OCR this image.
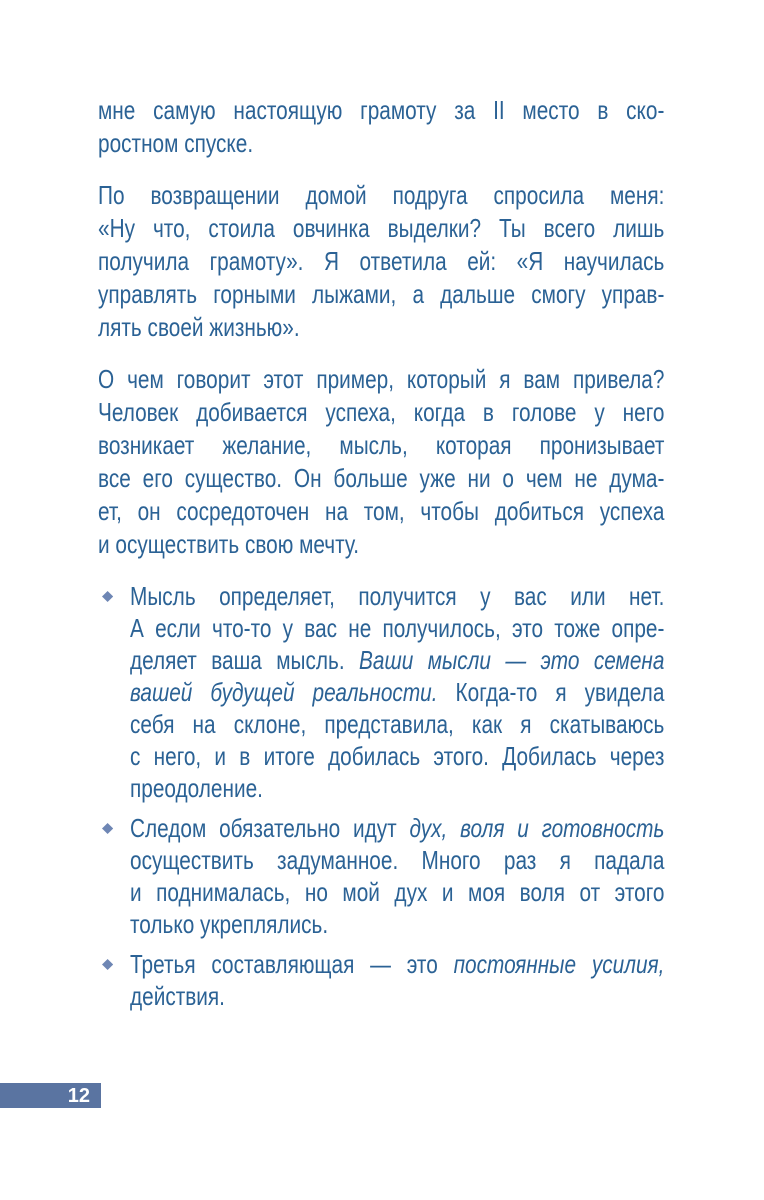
мне самую настоящую грамоту за II место в ско-
ростном спуске.
По возвращении домой подруга спросила меня:
«Ну что, стоила овчинка выделки? Ты всего лишь
получила грамоту». Я ответила ей: «Я научилась
управлять горными лыжами, а дальше смогу управ-
лять своей жизнью».
О чем говорит этот пример, который я вам привела?
Человек добивается успеха, когда в голове у него
возникает желание, мысль, которая пронизывает
все его существо. Он больше уже ни о чем не дума-
ет, он сосредоточен на том, чтобы добиться успеха
и осуществить свою мечту.
Мысль определяет, получится у вас или нет.
А если что-то у вас не получилось, это тоже опре-
деляет ваша мысль. Ваши мысли — это семена
вашей будущей реальности. Когда-то я увидела
себя на склоне, представила, как я скатываюсь
с него, и в итоге добилась этого. Добилась через
преодоление.
Следом обязательно идут дух, воля и готовность
осуществить задуманное. Много раз я падала
и поднималась, но мой дух и моя воля от этого
только укреплялись.
Третья составляющая — это постоянные усилия,
действия.
12
